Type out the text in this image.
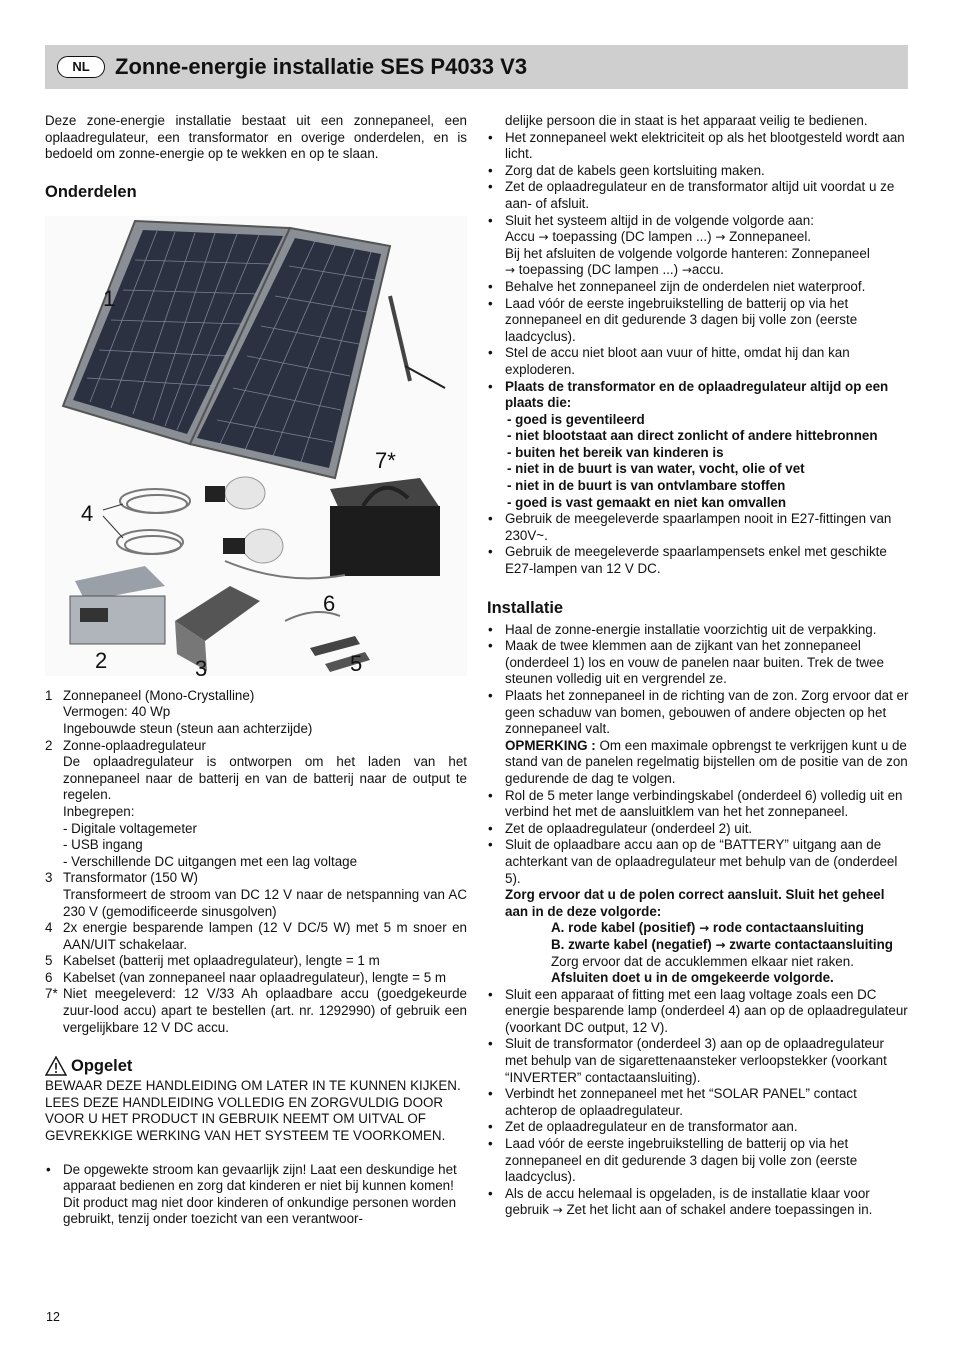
NL	Zonne-energie installatie SES P4033 V3

Deze zone-energie installatie bestaat uit een zonnepaneel, een oplaadregulateur, een transformator en overige onderdelen, en is bedoeld om zonne-energie op te wekken en op te slaan.

Onderdelen
1
2	3
4
5
6
7*
1 Zonnepaneel (Mono-Crystalline)
Vermogen: 40 Wp
Ingebouwde steun (steun aan achterzijde)
2 Zonne-oplaadregulateur
De oplaadregulateur is ontworpen om het laden van het zonnepaneel naar de batterij en van de batterij naar de output te regelen.
Inbegrepen:
- Digitale voltagemeter
- USB ingang
- Verschillende DC uitgangen met een lag voltage
3 Transformator (150 W)
Transformeert de stroom van DC 12 V naar de netspanning van AC 230 V (gemodificeerde sinusgolven)
4 2x energie besparende lampen (12 V DC/5 W) met 5 m snoer en AAN/UIT schakelaar.
5 Kabelset (batterij met oplaadregulateur), lengte = 1 m
6 Kabelset (van zonnepaneel naar oplaadregulateur), lengte = 5 m
7* Niet meegeleverd: 12 V/33 Ah oplaadbare accu (goedgekeurde zuur-lood accu) apart te bestellen (art. nr. 1292990) of gebruik een vergelijkbare 12 V DC accu.
Opgelet

BEWAAR DEZE HANDLEIDING OM LATER IN TE KUNNEN KIJKEN.

LEES DEZE HANDLEIDING VOLLEDIG EN ZORGVULDIG DOOR VOOR U HET PRODUCT IN GEBRUIK NEEMT OM UITVAL OF GEVREKKIGE WERKING VAN HET SYSTEEM TE VOORKOMEN.

• De opgewekte stroom kan gevaarlijk zijn! Laat een deskundige het apparaat bedienen en zorg dat kinderen er niet bij kunnen komen! Dit product mag niet door kinderen of onkundige personen worden gebruikt, tenzij onder toezicht van een verantwoor-

delijke persoon die in staat is het apparaat veilig te bedienen.

• Het zonnepaneel wekt elektriciteit op als het blootgesteld wordt aan licht.
• Zorg dat de kabels geen kortsluiting maken.
• Zet de oplaadregulateur en de transformator altijd uit voordat u ze aan- of afsluit.
• Sluit het systeem altijd in de volgende volgorde aan:
Accu → toepassing (DC lampen ...) → Zonnepaneel.
Bij het afsluiten de volgende volgorde hanteren: Zonnepaneel
→ toepassing (DC lampen ...) →accu.
• Behalve het zonnepaneel zijn de onderdelen niet waterproof.
• Laad vóór de eerste ingebruikstelling de batterij op via het zonnepaneel en dit gedurende 3 dagen bij volle zon (eerste laadcyclus).
• Stel de accu niet bloot aan vuur of hitte, omdat hij dan kan exploderen.
• Plaats de transformator en de oplaadregulateur altijd op een plaats die:
- goed is geventileerd
- niet blootstaat aan direct zonlicht of andere hittebronnen
- buiten het bereik van kinderen is
- niet in de buurt is van water, vocht, olie of vet
- niet in de buurt is van ontvlambare stoffen
- goed is vast gemaakt en niet kan omvallen
• Gebruik de meegeleverde spaarlampen nooit in E27-fittingen van 230V~.
• Gebruik de meegeleverde spaarlampensets enkel met geschikte E27-lampen van 12 V DC.
Installatie
• Haal de zonne-energie installatie voorzichtig uit de verpakking.
• Maak de twee klemmen aan de zijkant van het zonnepaneel (onderdeel 1) los en vouw de panelen naar buiten. Trek de twee steunen volledig uit en vergrendel ze.
• Plaats het zonnepaneel in de richting van de zon. Zorg ervoor dat er geen schaduw van bomen, gebouwen of andere objecten op het zonnepaneel valt.
OPMERKING : Om een maximale opbrengst te verkrijgen kunt u de stand van de panelen regelmatig bijstellen om de positie van de zon gedurende de dag te volgen.
• Rol de 5 meter lange verbindingskabel (onderdeel 6) volledig uit en verbind het met de aansluitklem van het het zonnepaneel.
• Zet de oplaadregulateur (onderdeel 2) uit.
• Sluit de oplaadbare accu aan op de “BATTERY” uitgang aan de achterkant van de oplaadregulateur met behulp van de (onderdeel 5).
Zorg ervoor dat u de polen correct aansluit. Sluit het geheel aan in de deze volgorde:
A. rode kabel (positief) → rode contactaansluiting
B. zwarte kabel (negatief) → zwarte contactaansluiting
Zorg ervoor dat de accuklemmen elkaar niet raken.
Afsluiten doet u in de omgekeerde volgorde.
• Sluit een apparaat of fitting met een laag voltage zoals een DC energie besparende lamp (onderdeel 4) aan op de oplaadregulateur (voorkant DC output, 12 V).
• Sluit de transformator (onderdeel 3) aan op de oplaadregulateur met behulp van de sigarettenaansteker verloopstekker (voorkant “INVERTER” contactaansluiting).
• Verbindt het zonnepaneel met het “SOLAR PANEL” contact achterop de oplaadregulateur.
• Zet de oplaadregulateur en de transformator aan.
• Laad vóór de eerste ingebruikstelling de batterij op via het zonnepaneel en dit gedurende 3 dagen bij volle zon (eerste laadcyclus).
• Als de accu helemaal is opgeladen, is de installatie klaar voor gebruik → Zet het licht aan of schakel andere toepassingen in.
12
